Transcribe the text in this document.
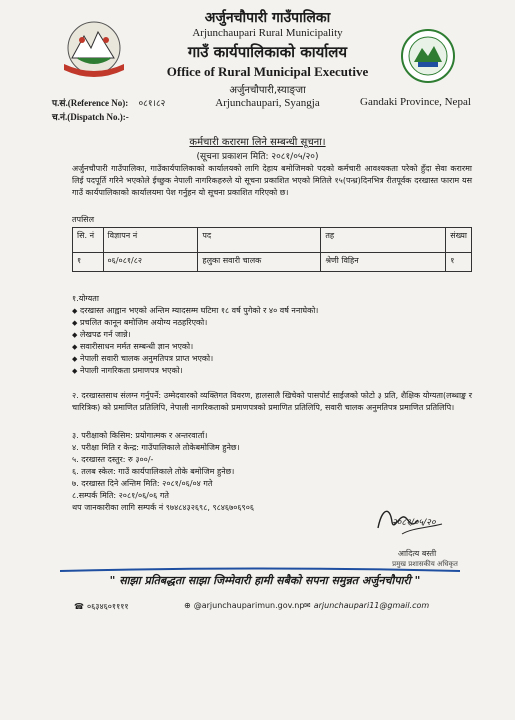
अर्जुनचौपारी गाउँपालिका
Arjunchaupari Rural Municipality
गाउँ कार्यपालिकाको कार्यालय
Office of Rural Municipal Executive
अर्जुनचौपारी,स्याङ्जा
Arjunchaupari, Syangja
प.सं.(Reference No): ०८१।८२
च.नं.(Dispatch No.):-
Gandaki Province, Nepal
कर्मचारी करारमा लिने सम्बन्धी सूचना।
(सूचना प्रकाशन मिति: २०८१/०५/२०)
अर्जुनचौपारी गाउँपालिका, गाउँकार्यपालिकाको कार्यालयको लागि देहाय बमोजिमको पदको कर्मचारी आवश्यकता परेको हुँदा सेवा करारमा लिई पदपूर्ति गरिने भएकोले ईच्छुक नेपाली नागरिकहरुले यो सूचना प्रकाशित भएको मितिले १५(पन्ध्र)दिनभित्र रीतपूर्वक दरखास्त फाराम यस गाउँ कार्यपालिकाको कार्यालयमा पेश गर्नुहन यो सूचना प्रकाशित गरिएको छ।
तपसिल
सि. नं	विज्ञापन नं	पद	तह	संख्या
१	०६/०८१/८२	हलुका सवारी चालक	श्रेणी विहिन	१
१.योग्यता
◆ दरखास्त आह्वान भएको अन्तिम म्यादसम्म घटिमा १८ वर्ष पुगेको र ४० वर्ष ननाघेको।
◆ प्रचलित कानून बमोजिम अयोग्य नठहरिएको।
◆ लेखपढ गर्न जान्ने।
◆ सवारीसाधन मर्मत सम्बन्धी ज्ञान भएको।
◆ नेपाली सवारी चालक अनुमतिपत्र प्राप्त भएको।
◆ नेपाली नागरिकता प्रमाणपत्र भएको।
२. दरखास्तसाथ संलग्न गर्नुपर्ने: उम्मेदवारको व्यक्तिगत विवरण, हालसालै खिचेको पासपोर्ट साईजको फोटो ३ प्रति, शैक्षिक योग्यता(लब्धाङ्क र चारित्रिक) को प्रमाणित प्रतिलिपि, नेपाली नागरिकताको प्रमाणपत्रको प्रमाणित प्रतिलिपि, सवारी चालक अनुमतिपत्र प्रमाणित प्रतिलिपि।
३. परीक्षाको किसिम: प्रयोगात्मक र अन्तरवार्ता।
४. परीक्षा मिति र केन्द्र: गाउँपालिकाले तोकेबमोजिम हुनेछ।
५. दरखास्त दस्तुर: रु ३००/-
६. तलब स्केल: गाउँ कार्यपालिकाले तोके बमोजिम हुनेछ।
७. दरखास्त दिने अन्तिम मिति: २०८१/०६/०४ गते
८.सम्पर्क मिति: २०८१/०६/०६ गते
थप जानकारीका लागि सम्पर्क नं ९७४८४३२६९८, ९८४६७०६९०६
२०८१/०५/२०
आदित्य बस्ती
प्रमुख प्रशासकीय अधिकृत
" साझा प्रतिबद्धता साझा जिम्मेवारी हामी सबैको सपना समुन्नत अर्जुनचौपारी "
☎ ०६३४६०११११	⊕ @arjunchauparimun.gov.np ✉ arjunchaupari11@gmail.com
